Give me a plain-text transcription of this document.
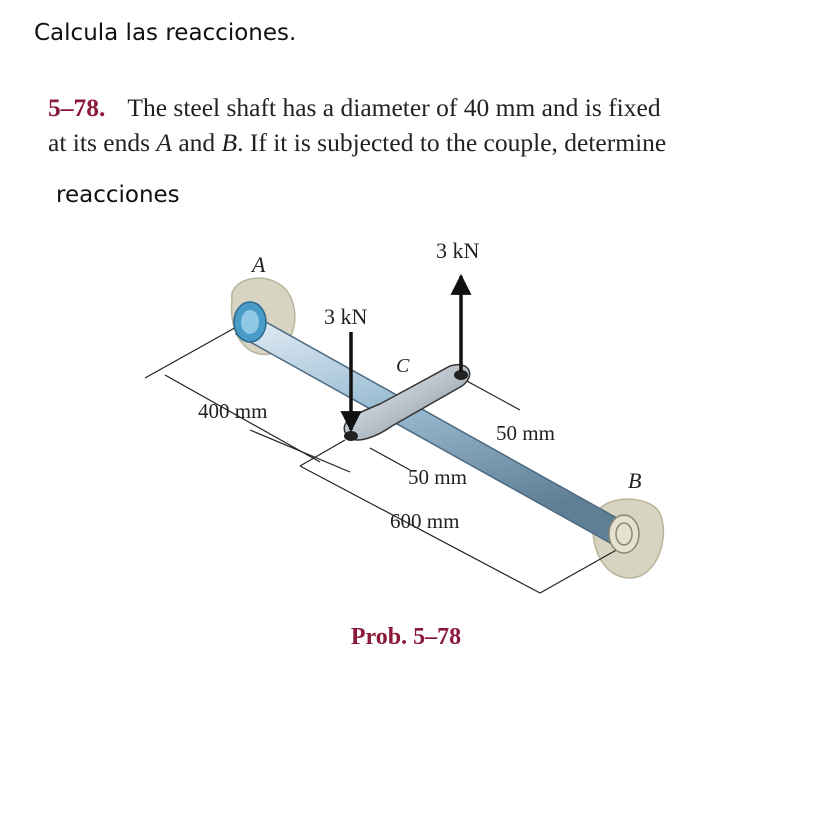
Calcula las reacciones.
5–78. The steel shaft has a diameter of 40 mm and is fixed
at its ends A and B. If it is subjected to the couple, determine
reacciones
A
B
C
3 kN
3 kN
400 mm
50 mm
50 mm
600 mm
Prob. 5–78
